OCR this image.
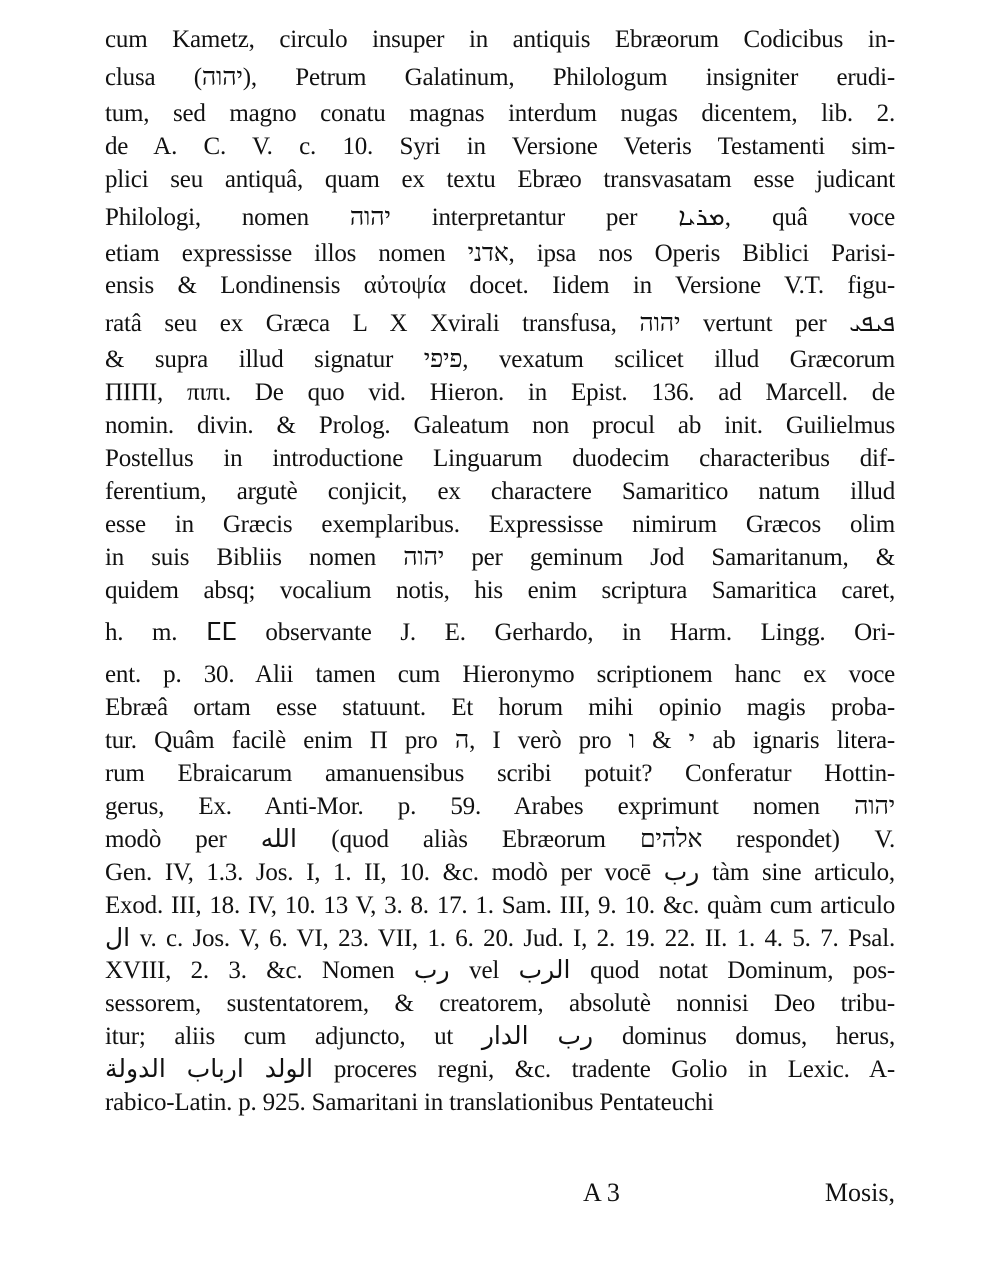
cum Kametz, circulo insuper in antiquis Ebræorum Codicibus in-
clusa (יהוה), Petrum Galatinum, Philologum insigniter erudi-
tum, sed magno conatu magnas interdum nugas dicentem, lib. 2.
de A. C. V. c. 10. Syri in Versione Veteris Testamenti sim-
plici seu antiquâ, quam ex textu Ebræo transvasatam esse judicant
Philologi, nomen יהוה interpretantur per ܡܪܝܐ, quâ voce
etiam expressisse illos nomen אדני, ipsa nos Operis Biblici Parisi-
ensis & Londinensis αὐτοψία docet. Iidem in Versione V.T. figu-
ratâ seu ex Græca L X Xvirali transfusa, יהוה vertunt per ܦܝܦܝ
& supra illud signatur פיפי, vexatum scilicet illud Græcorum
ΠΙΠΙ, πιπι. De quo vid. Hieron. in Epist. 136. ad Marcell. de
nomin. divin. & Prolog. Galeatum non procul ab init. Guilielmus
Postellus in introductione Linguarum duodecim characteribus dif-
ferentium, argutè conjicit, ex charactere Samaritico natum illud
esse in Græcis exemplaribus. Expressisse nimirum Græcos olim
in suis Bibliis nomen יהוה per geminum Jod Samaritanum, &
quidem absq; vocalium notis, his enim scriptura Samaritica caret,
h. m. ⵎⵎ observante J. E. Gerhardo, in Harm. Lingg. Ori-
ent. p. 30. Alii tamen cum Hieronymo scriptionem hanc ex voce
Ebræâ ortam esse statuunt. Et horum mihi opinio magis proba-
tur. Quâm facilè enim Π pro ה, I verò pro י & ו ab ignaris litera-
rum Ebraicarum amanuensibus scribi potuit? Conferatur Hottin-
gerus, Ex. Anti-Mor. p. 59. Arabes exprimunt nomen יהוה
modò per الله (quod aliàs Ebræorum אלהים respondet) V.
Gen. IV, 1.3. Jos. I, 1. II, 10. &c. modò per vocē رب tàm sine articulo,
Exod. III, 18. IV, 10. 13 V, 3. 8. 17. 1. Sam. III, 9. 10. &c. quàm cum articulo
ال v. c. Jos. V, 6. VI, 23. VII, 1. 6. 20. Jud. I, 2. 19. 22. II. 1. 4. 5. 7. Psal.
XVIII, 2. 3. &c. Nomen رب vel الرب quod notat Dominum, pos-
sessorem, sustentatorem, & creatorem, absolutè nonnisi Deo tribu-
itur; aliis cum adjuncto, ut رب الدار dominus domus, herus,
الولد ارباب الدولة proceres regni, &c. tradente Golio in Lexic. A-
rabico-Latin. p. 925. Samaritani in translationibus Pentateuchi
A 3	Mosis,
